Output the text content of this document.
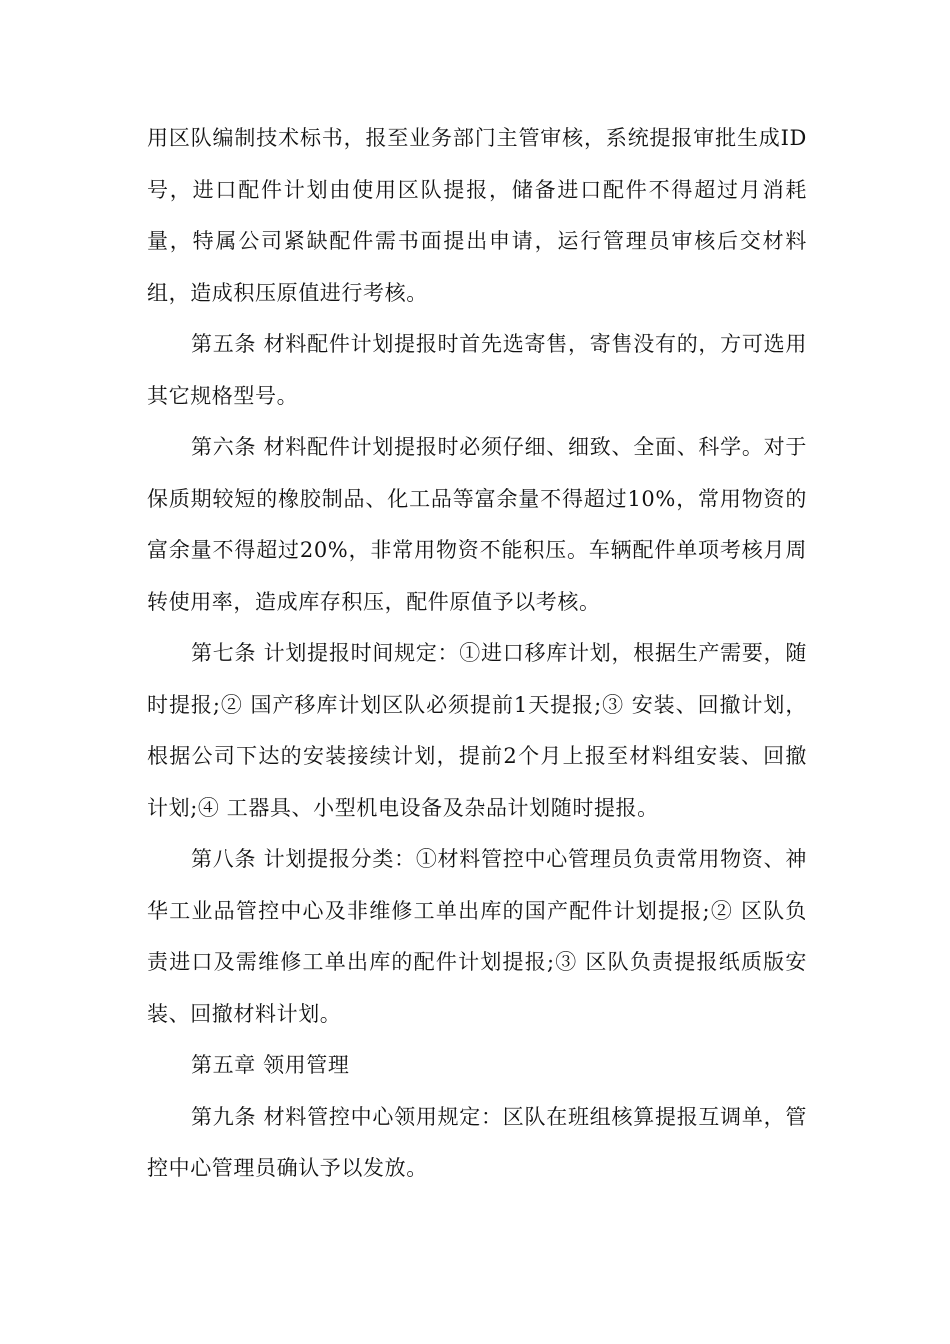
用区队编制技术标书，报至业务部门主管审核，系统提报审批生成ID号，进口配件计划由使用区队提报，储备进口配件不得超过月消耗量，特属公司紧缺配件需书面提出申请，运行管理员审核后交材料组，造成积压原值进行考核。

第五条 材料配件计划提报时首先选寄售，寄售没有的，方可选用其它规格型号。

第六条 材料配件计划提报时必须仔细、细致、全面、科学。对于保质期较短的橡胶制品、化工品等富余量不得超过10%，常用物资的富余量不得超过20%，非常用物资不能积压。车辆配件单项考核月周转使用率，造成库存积压，配件原值予以考核。

第七条 计划提报时间规定：①进口移库计划，根据生产需要，随时提报;② 国产移库计划区队必须提前1天提报;③ 安装、回撤计划，根据公司下达的安装接续计划，提前2个月上报至材料组安装、回撤计划;④ 工器具、小型机电设备及杂品计划随时提报。

第八条 计划提报分类：①材料管控中心管理员负责常用物资、神华工业品管控中心及非维修工单出库的国产配件计划提报;② 区队负责进口及需维修工单出库的配件计划提报;③ 区队负责提报纸质版安装、回撤材料计划。

第五章 领用管理

第九条 材料管控中心领用规定：区队在班组核算提报互调单，管控中心管理员确认予以发放。
